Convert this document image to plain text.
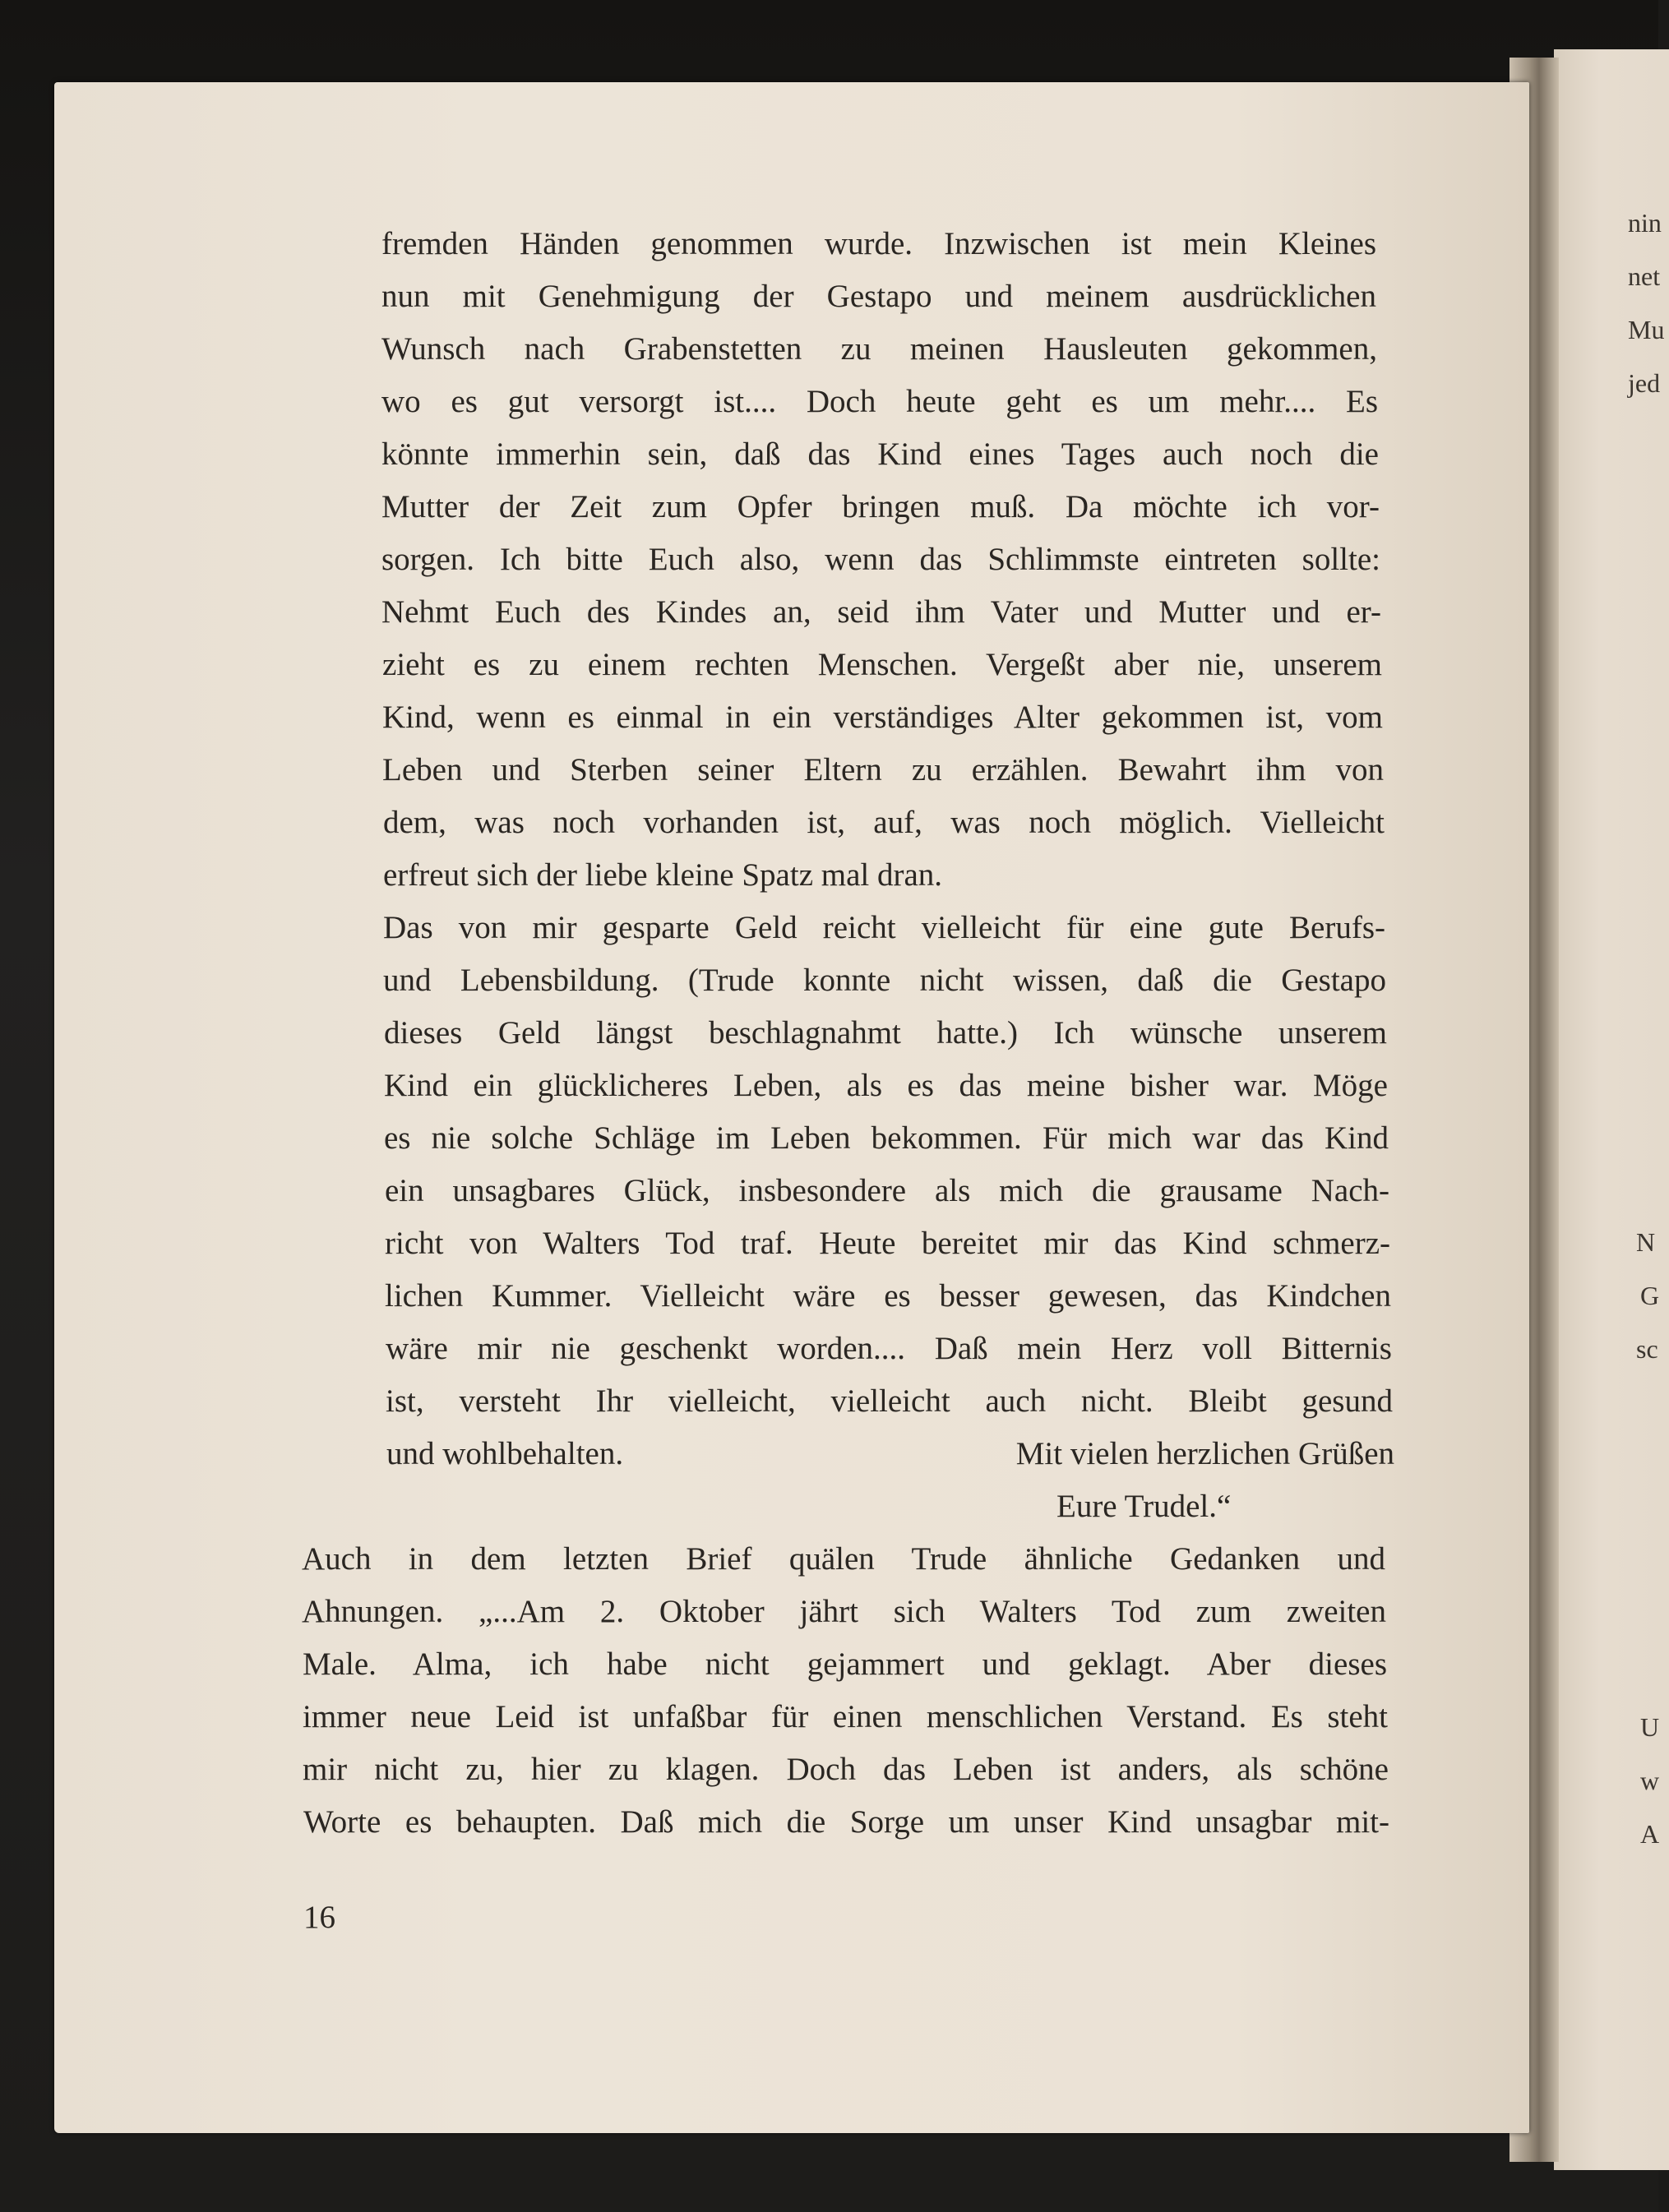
fremden Händen genommen wurde. Inzwischen ist mein Kleines
nun mit Genehmigung der Gestapo und meinem ausdrücklichen
Wunsch nach Grabenstetten zu meinen Hausleuten gekommen,
wo es gut versorgt ist.... Doch heute geht es um mehr.... Es
könnte immerhin sein, daß das Kind eines Tages auch noch die
Mutter der Zeit zum Opfer bringen muß. Da möchte ich vor-
sorgen. Ich bitte Euch also, wenn das Schlimmste eintreten sollte:
Nehmt Euch des Kindes an, seid ihm Vater und Mutter und er-
zieht es zu einem rechten Menschen. Vergeßt aber nie, unserem
Kind, wenn es einmal in ein verständiges Alter gekommen ist, vom
Leben und Sterben seiner Eltern zu erzählen. Bewahrt ihm von
dem, was noch vorhanden ist, auf, was noch möglich. Vielleicht
erfreut sich der liebe kleine Spatz mal dran.
Das von mir gesparte Geld reicht vielleicht für eine gute Berufs-
und Lebensbildung. (Trude konnte nicht wissen, daß die Gestapo
dieses Geld längst beschlagnahmt hatte.) Ich wünsche unserem
Kind ein glücklicheres Leben, als es das meine bisher war. Möge
es nie solche Schläge im Leben bekommen. Für mich war das Kind
ein unsagbares Glück, insbesondere als mich die grausame Nach-
richt von Walters Tod traf. Heute bereitet mir das Kind schmerz-
lichen Kummer. Vielleicht wäre es besser gewesen, das Kindchen
wäre mir nie geschenkt worden.... Daß mein Herz voll Bitternis
ist, versteht Ihr vielleicht, vielleicht auch nicht. Bleibt gesund
und wohlbehalten.	Mit vielen herzlichen Grüßen
Eure Trudel.“
Auch in dem letzten Brief quälen Trude ähnliche Gedanken und
Ahnungen. „...Am 2. Oktober jährt sich Walters Tod zum zweiten
Male. Alma, ich habe nicht gejammert und geklagt. Aber dieses
immer neue Leid ist unfaßbar für einen menschlichen Verstand. Es steht
mir nicht zu, hier zu klagen. Doch das Leben ist anders, als schöne
Worte es behaupten. Daß mich die Sorge um unser Kind unsagbar mit-
16
nin
net
Mu
jed
N
G
sc
U
w
A
